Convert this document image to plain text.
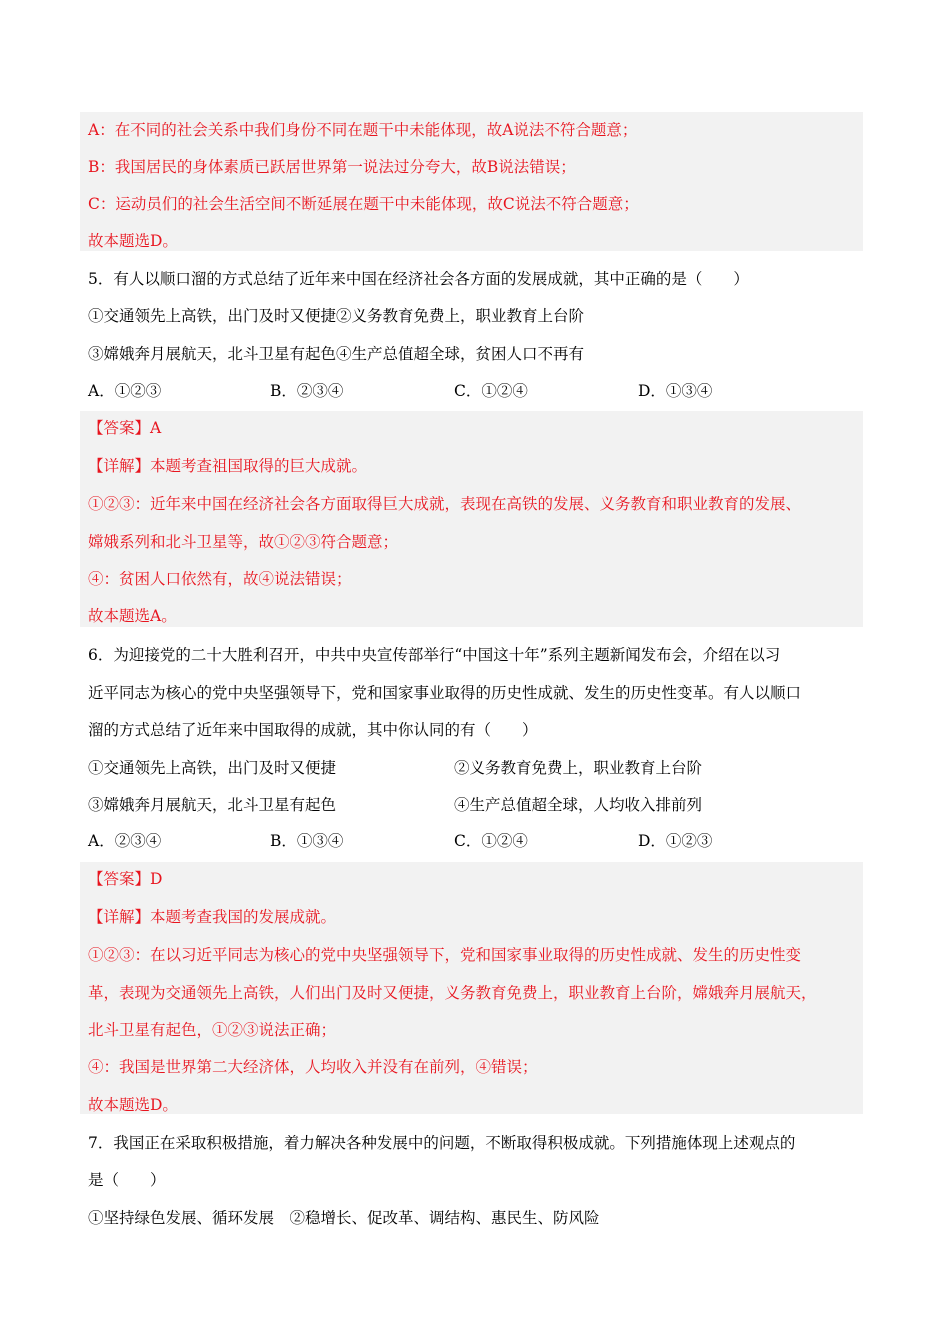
A：在不同的社会关系中我们身份不同在题干中未能体现，故A说法不符合题意；
B：我国居民的身体素质已跃居世界第一说法过分夸大，故B说法错误；
C：运动员们的社会生活空间不断延展在题干中未能体现，故C说法不符合题意；
故本题选D。
5．有人以顺口溜的方式总结了近年来中国在经济社会各方面的发展成就，其中正确的是（　　）
①交通领先上高铁，出门及时又便捷②义务教育免费上，职业教育上台阶
③嫦娥奔月展航天，北斗卫星有起色④生产总值超全球，贫困人口不再有
A．①②③	B．②③④	C．①②④	D．①③④
【答案】A
【详解】本题考查祖国取得的巨大成就。
①②③：近年来中国在经济社会各方面取得巨大成就，表现在高铁的发展、义务教育和职业教育的发展、
嫦娥系列和北斗卫星等，故①②③符合题意；
④：贫困人口依然有，故④说法错误；
故本题选A。
6．为迎接党的二十大胜利召开，中共中央宣传部举行“中国这十年”系列主题新闻发布会，介绍在以习
近平同志为核心的党中央坚强领导下，党和国家事业取得的历史性成就、发生的历史性变革。有人以顺口
溜的方式总结了近年来中国取得的成就，其中你认同的有（　　）
①交通领先上高铁，出门及时又便捷	②义务教育免费上，职业教育上台阶
③嫦娥奔月展航天，北斗卫星有起色	④生产总值超全球，人均收入排前列
A．②③④	B．①③④	C．①②④	D．①②③
【答案】D
【详解】本题考查我国的发展成就。
①②③：在以习近平同志为核心的党中央坚强领导下，党和国家事业取得的历史性成就、发生的历史性变
革，表现为交通领先上高铁，人们出门及时又便捷，义务教育免费上，职业教育上台阶，嫦娥奔月展航天，
北斗卫星有起色，①②③说法正确；
④：我国是世界第二大经济体，人均收入并没有在前列，④错误；
故本题选D。
7．我国正在采取积极措施，着力解决各种发展中的问题，不断取得积极成就。下列措施体现上述观点的
是（　　）
①坚持绿色发展、循环发展　②稳增长、促改革、调结构、惠民生、防风险
